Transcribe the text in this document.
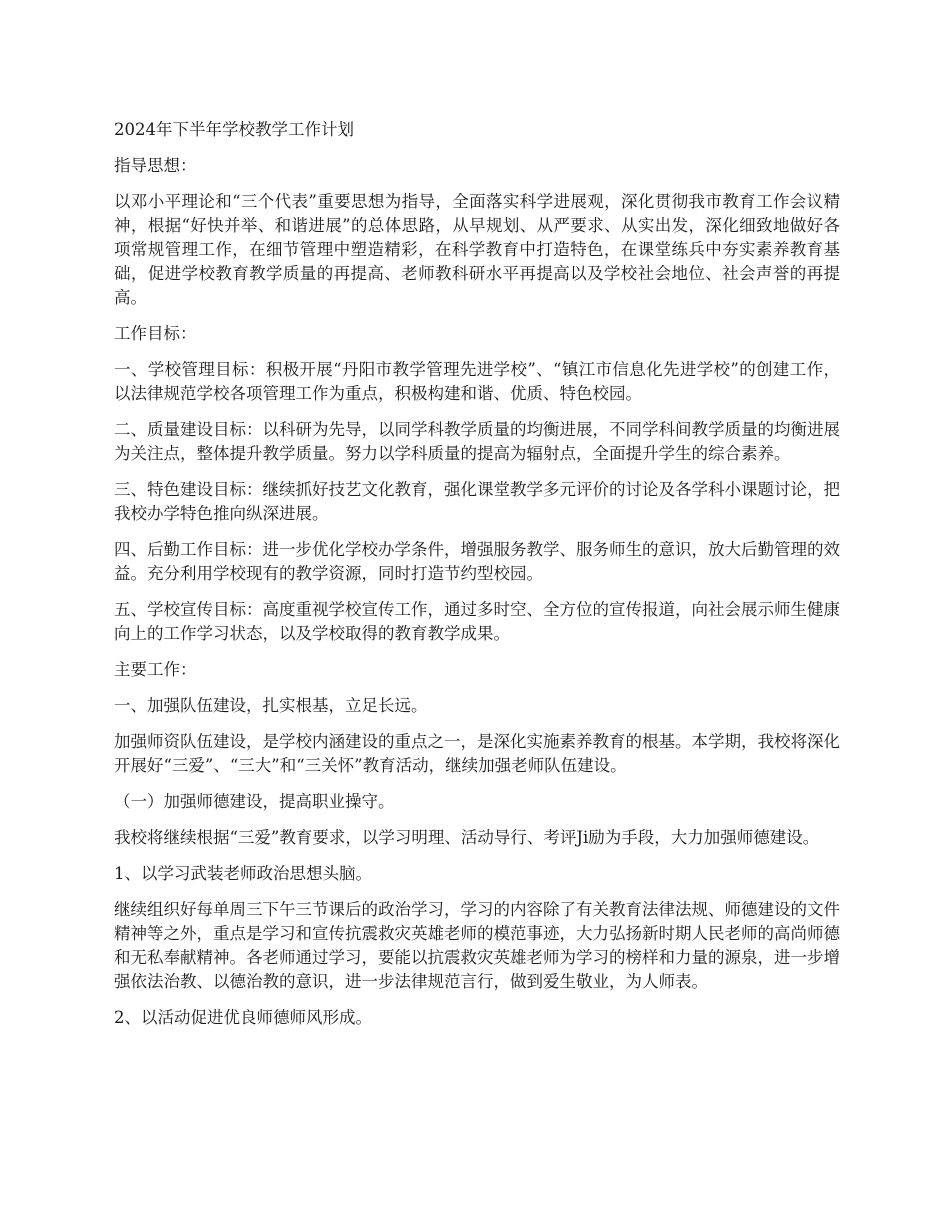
2024年下半年学校教学工作计划

指导思想：

以邓小平理论和“三个代表”重要思想为指导，全面落实科学进展观，深化贯彻我市教育工作会议精神，根据“好快并举、和谐进展”的总体思路，从早规划、从严要求、从实出发，深化细致地做好各项常规管理工作，在细节管理中塑造精彩，在科学教育中打造特色，在课堂练兵中夯实素养教育基础，促进学校教育教学质量的再提高、老师教科研水平再提高以及学校社会地位、社会声誉的再提高。

工作目标：

一、学校管理目标：积极开展“丹阳市教学管理先进学校”、“镇江市信息化先进学校”的创建工作，以法律规范学校各项管理工作为重点，积极构建和谐、优质、特色校园。

二、质量建设目标：以科研为先导，以同学科教学质量的均衡进展，不同学科间教学质量的均衡进展为关注点，整体提升教学质量。努力以学科质量的提高为辐射点，全面提升学生的综合素养。

三、特色建设目标：继续抓好技艺文化教育，强化课堂教学多元评价的讨论及各学科小课题讨论，把我校办学特色推向纵深进展。

四、后勤工作目标：进一步优化学校办学条件，增强服务教学、服务师生的意识，放大后勤管理的效益。充分利用学校现有的教学资源，同时打造节约型校园。

五、学校宣传目标：高度重视学校宣传工作，通过多时空、全方位的宣传报道，向社会展示师生健康向上的工作学习状态，以及学校取得的教育教学成果。

主要工作：

一、加强队伍建设，扎实根基，立足长远。

加强师资队伍建设，是学校内涵建设的重点之一，是深化实施素养教育的根基。本学期，我校将深化开展好“三爱”、“三大”和“三关怀”教育活动，继续加强老师队伍建设。

（一）加强师德建设，提高职业操守。

我校将继续根据“三爱”教育要求，以学习明理、活动导行、考评Ji励为手段，大力加强师德建设。

1、以学习武装老师政治思想头脑。

继续组织好每单周三下午三节课后的政治学习，学习的内容除了有关教育法律法规、师德建设的文件精神等之外，重点是学习和宣传抗震救灾英雄老师的模范事迹，大力弘扬新时期人民老师的高尚师德和无私奉献精神。各老师通过学习，要能以抗震救灾英雄老师为学习的榜样和力量的源泉，进一步增强依法治教、以德治教的意识，进一步法律规范言行，做到爱生敬业，为人师表。

2、以活动促进优良师德师风形成。
